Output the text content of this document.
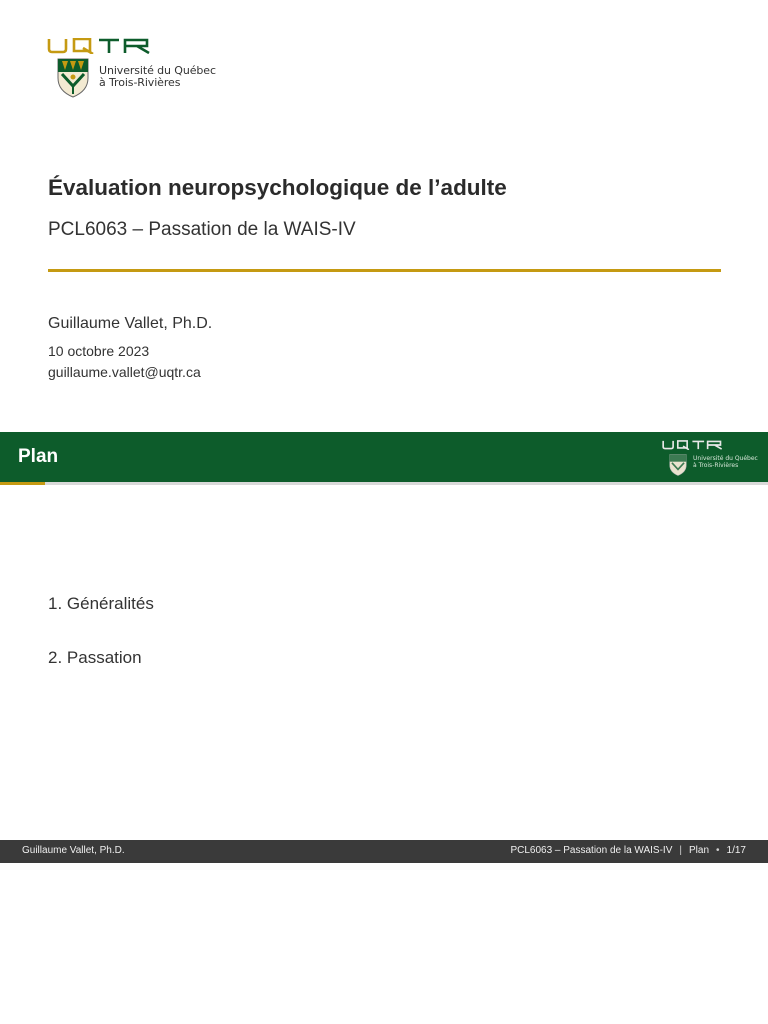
Université du Québec
à Trois-Rivières
Évaluation neuropsychologique de l’adulte
PCL6063 – Passation de la WAIS-IV
Guillaume Vallet, Ph.D.
10 octobre 2023
guillaume.vallet@uqtr.ca
Plan	Université du Québec
à Trois-Rivières
1. Généralités
2. Passation
Guillaume Vallet, Ph.D.	PCL6063 – Passation de la WAIS-IV | Plan • 1/17
